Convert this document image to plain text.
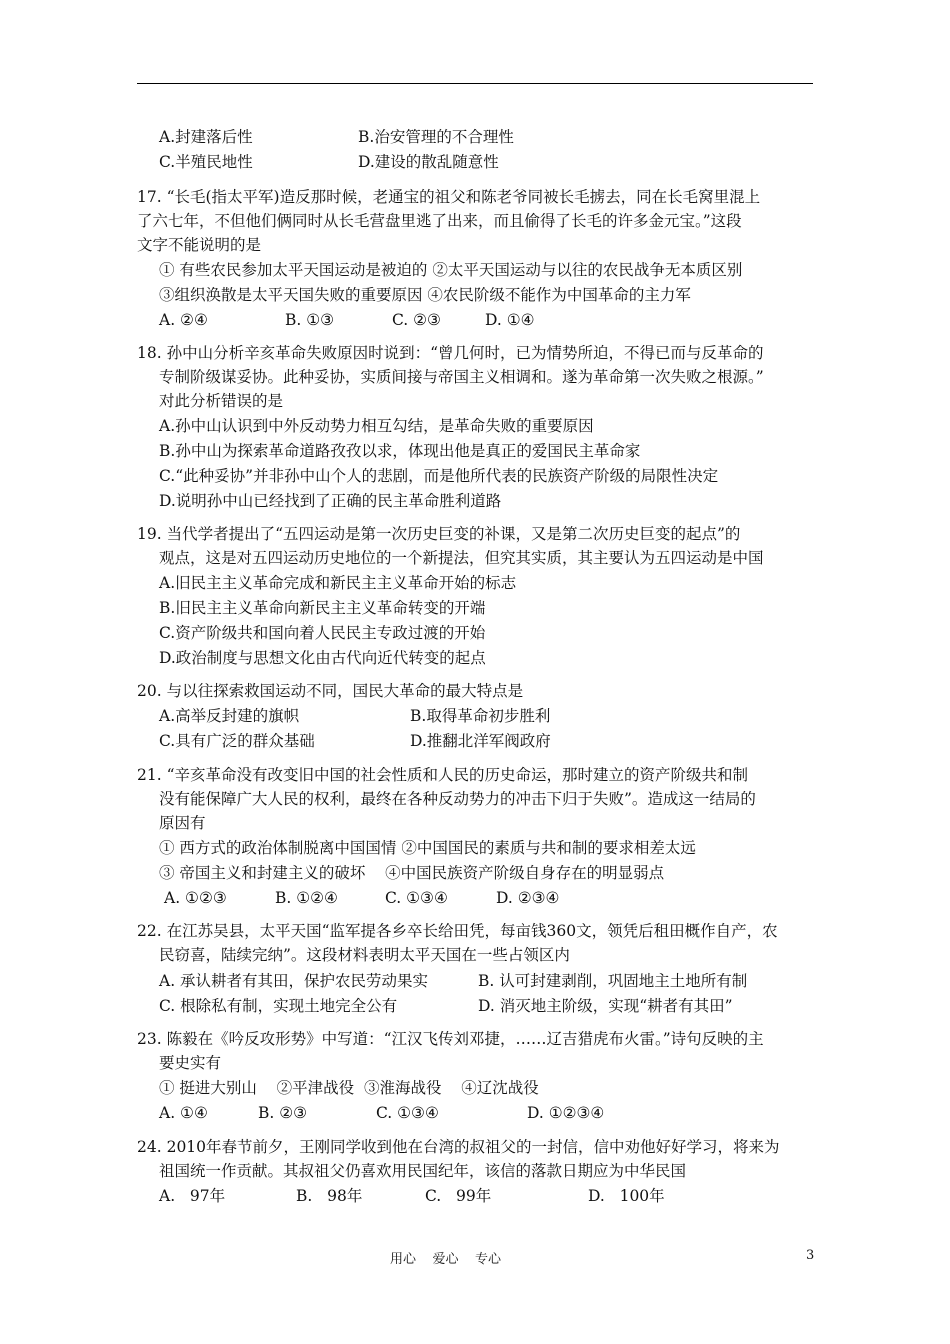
A.封建落后性	B.治安管理的不合理性
C.半殖民地性	D.建设的散乱随意性
17. “长毛(指太平军)造反那时候，老通宝的祖父和陈老爷同被长毛掳去，同在长毛窝里混上
了六七年，不但他们俩同时从长毛营盘里逃了出来，而且偷得了长毛的许多金元宝。”这段
文字不能说明的是
① 有些农民参加太平天国运动是被迫的 ②太平天国运动与以往的农民战争无本质区别
③组织涣散是太平天国失败的重要原因 ④农民阶级不能作为中国革命的主力军
A. ②④	B. ①③	C. ②③	D. ①④
18. 孙中山分析辛亥革命失败原因时说到：“曾几何时，已为情势所迫，不得已而与反革命的
专制阶级谋妥协。此种妥协，实质间接与帝国主义相调和。遂为革命第一次失败之根源。”
对此分析错误的是
A.孙中山认识到中外反动势力相互勾结，是革命失败的重要原因
B.孙中山为探索革命道路孜孜以求，体现出他是真正的爱国民主革命家
C.“此种妥协”并非孙中山个人的悲剧，而是他所代表的民族资产阶级的局限性决定
D.说明孙中山已经找到了正确的民主革命胜利道路
19. 当代学者提出了“五四运动是第一次历史巨变的补课，又是第二次历史巨变的起点”的
观点，这是对五四运动历史地位的一个新提法，但究其实质，其主要认为五四运动是中国
A.旧民主主义革命完成和新民主主义革命开始的标志
B.旧民主主义革命向新民主主义革命转变的开端
C.资产阶级共和国向着人民民主专政过渡的开始
D.政治制度与思想文化由古代向近代转变的起点
20. 与以往探索救国运动不同，国民大革命的最大特点是
A.高举反封建的旗帜	B.取得革命初步胜利
C.具有广泛的群众基础	D.推翻北洋军阀政府
21. “辛亥革命没有改变旧中国的社会性质和人民的历史命运，那时建立的资产阶级共和制
没有能保障广大人民的权利，最终在各种反动势力的冲击下归于失败”。造成这一结局的
原因有
① 西方式的政治体制脱离中国国情 ②中国国民的素质与共和制的要求相差太远
③ 帝国主义和封建主义的破坏    ④中国民族资产阶级自身存在的明显弱点
A. ①②③	B. ①②④	C. ①③④	D. ②③④
22. 在江苏吴县，太平天国“监军提各乡卒长给田凭，每亩钱360文，领凭后租田概作自产，农
民窃喜，陆续完纳”。这段材料表明太平天国在一些占领区内
A. 承认耕者有其田，保护农民劳动果实	B. 认可封建剥削，巩固地主土地所有制
C. 根除私有制，实现土地完全公有	D. 消灭地主阶级，实现“耕者有其田”
23. 陈毅在《吟反攻形势》中写道：“江汉飞传刘邓捷，……辽吉猎虎布火雷。”诗句反映的主
要史实有
① 挺进大别山    ②平津战役  ③淮海战役    ④辽沈战役
A. ①④	B. ②③	C. ①③④	D. ①②③④
24. 2010年春节前夕，王刚同学收到他在台湾的叔祖父的一封信，信中劝他好好学习，将来为
祖国统一作贡献。其叔祖父仍喜欢用民国纪年，该信的落款日期应为中华民国
A.   97年	B.   98年	C.   99年	D.   100年
用心    爱心    专心	3
